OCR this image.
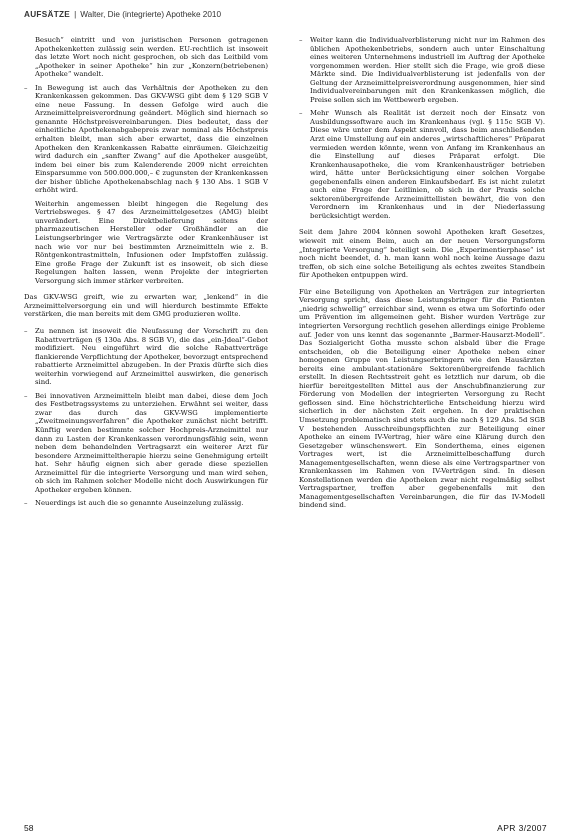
AUFSÄTZE | Walter, Die (integrierte) Apotheke 2010
Besuch“ eintritt und von juristischen Personen getragenen Apothekenketten zulässig sein werden. EU-rechtlich ist insoweit das letzte Wort noch nicht gesprochen, ob sich das Leitbild vom „Apotheker in seiner Apotheke“ hin zur „Konzern(betriebenen) Apotheke“ wandelt.
– In Bewegung ist auch das Verhältnis der Apotheken zu den Krankenkassen gekommen. Das GKV-WSG gibt dem § 129 SGB V eine neue Fassung. In dessen Gefolge wird auch die Arzneimittelpreisverordnung geändert. Möglich sind hiernach so genannte Höchstpreisvereinbarungen. Dies bedeutet, dass der einheitliche Apothekenabgabepreis zwar nominal als Höchstpreis erhalten bleibt, man sich aber erwartet, dass die einzelnen Apotheken den Krankenkassen Rabatte einräumen. Gleichzeitig wird dadurch ein „sanfter Zwang“ auf die Apotheker ausgeübt, indem bei einer bis zum Kalenderende 2009 nicht erreichten Einsparsumme von 500.000.000,– € zugunsten der Krankenkassen der bisher übliche Apothekenabschlag nach § 130 Abs. 1 SGB V erhöht wird.
Weiterhin angemessen bleibt hingegen die Regelung des Vertriebsweges. § 47 des Arzneimittelgesetzes (AMG) bleibt unverändert. Eine Direktbelieferung seitens der pharmazeutischen Hersteller oder Großhändler an die Leistungserbringer wie Vertragsärzte oder Krankenhäuser ist nach wie vor nur bei bestimmten Arzneimitteln wie z. B. Röntgenkontrastmitteln, Infusionen oder Impfstoffen zulässig. Eine große Frage der Zukunft ist es insoweit, ob sich diese Regelungen halten lassen, wenn Projekte der integrierten Versorgung sich immer stärker verbreiten.

Das GKV-WSG greift, wie zu erwarten war, „lenkend“ in die Arzneimittelversorgung ein und will hierdurch bestimmte Effekte verstärken, die man bereits mit dem GMG produzieren wollte.

– Zu nennen ist insoweit die Neufassung der Vorschrift zu den Rabattverträgen (§ 130a Abs. 8 SGB V), die das „ein-Jdeal“-Gebot modifiziert. Neu eingeführt wird die solche Rabattverträge flankierende Verpflichtung der Apotheker, bevorzugt entsprechend rabattierte Arzneimittel abzugeben. In der Praxis dürfte sich dies weiterhin vorwiegend auf Arzneimittel auswirken, die generisch sind.
– Bei innovativen Arzneimitteln bleibt man dabei, diese dem Joch des Festbetragssystems zu unterziehen. Erwähnt sei weiter, dass zwar das durch das GKV-WSG implementierte „Zweitmeinungsverfahren“ die Apotheker zunächst nicht betrifft. Künftig werden bestimmte solcher Hochpreis-Arzneimittel nur dann zu Lasten der Krankenkassen verordnungsfähig sein, wenn neben dem behandelnden Vertragsarzt ein weiterer Arzt für besondere Arzneimitteltherapie hierzu seine Genehmigung erteilt hat. Sehr häufig eignen sich aber gerade diese speziellen Arzneimittel für die integrierte Versorgung und man wird sehen, ob sich im Rahmen solcher Modelle nicht doch Auswirkungen für Apotheker ergeben können.
– Neuerdings ist auch die so genannte Auseinzelung zulässig.
– Weiter kann die Individualverblisterung nicht nur im Rahmen des üblichen Apothekenbetriebs, sondern auch unter Einschaltung eines weiteren Unternehmens industriell im Auftrag der Apotheke vorgenommen werden. Hier stellt sich die Frage, wie groß diese Märkte sind. Die Individualverblisterung ist jedenfalls von der Geltung der Arzneimittelpreisverordnung ausgenommen, hier sind Individualvereinbarungen mit den Krankenkassen möglich, die Preise sollen sich im Wettbewerb ergeben.
– Mehr Wunsch als Realität ist derzeit noch der Einsatz von Ausbildungssoftware auch im Krankenhaus (vgl. § 115c SGB V). Diese wäre unter dem Aspekt sinnvoll, dass beim anschließenden Arzt eine Umstellung auf ein anderes „wirtschaftlicheres“ Präparat vermieden werden könnte, wenn von Anfang im Krankenhaus an die Einstellung auf dieses Präparat erfolgt. Die Krankenhausapotheke, die vom Krankenhausträger betrieben wird, hätte unter Berücksichtigung einer solchen Vorgabe gegebenenfalls einen anderen Einkaufsbedarf. Es ist nicht zuletzt auch eine Frage der Leitlinien, ob sich in der Praxis solche sektorenübergreifende Arzneimittellisten bewährt, die von den Verordnern im Krankenhaus und in der Niederlassung berücksichtigt werden.

Seit dem Jahre 2004 können sowohl Apotheken kraft Gesetzes, wieweit mit einem Beim, auch an der neuen Versorgungsform „Integrierte Versorgung“ beteiligt sein. Die „Experimentierphase“ ist noch nicht beendet, d. h. man kann wohl noch keine Aussage dazu treffen, ob sich eine solche Beteiligung als echtes zweites Standbein für Apotheken entpuppen wird.

Für eine Beteiligung von Apotheken an Verträgen zur integrierten Versorgung spricht, dass diese Leistungsbringer für die Patienten „niedrig schwellig“ erreichbar sind, wenn es etwa um Sofortinfo oder um Prävention im allgemeinen geht. Bisher wurden Verträge zur integrierten Versorgung rechtlich gesehen allerdings einige Probleme auf. Jeder von uns kennt das sogenannte „Barmer-Hausarzt-Modell“. Das Sozialgericht Gotha musste schon alsbald über die Frage entscheiden, ob die Beteiligung einer Apotheke neben einer homogenen Gruppe von Leistungserbringern wie den Hausärzten bereits eine ambulant-stationäre Sektorenübergreifende fachlich erstellt. In diesen Rechtsstreit geht es letztlich nur darum, ob die hierfür bereitgestellten Mittel aus der Anschubfinanzierung zur Förderung von Modellen der integrierten Versorgung zu Recht geflossen sind. Eine höchstrichterliche Entscheidung hierzu wird sicherlich in der nächsten Zeit ergehen. In der praktischen Umsetzung problematisch sind stets auch die nach § 129 Abs. 5d SGB V bestehenden Ausschreibungspflichten zur Beteiligung einer Apotheke an einem IV-Vertrag, hier wäre eine Klärung durch den Gesetzgeber wünschenswert. Ein Sonderthema, eines eigenen Vortrages wert, ist die Arzneimittelbeschaffung durch Managementgesellschaften, wenn diese als eine Vertragspartner von Krankenkassen im Rahmen von IV-Verträgen sind. In diesen Konstellationen werden die Apotheken zwar nicht regelmäßig selbst Vertragspartner, treffen aber gegebenenfalls mit den Managementgesellschaften Vereinbarungen, die für das IV-Modell bindend sind.

58	APR 3/2007
